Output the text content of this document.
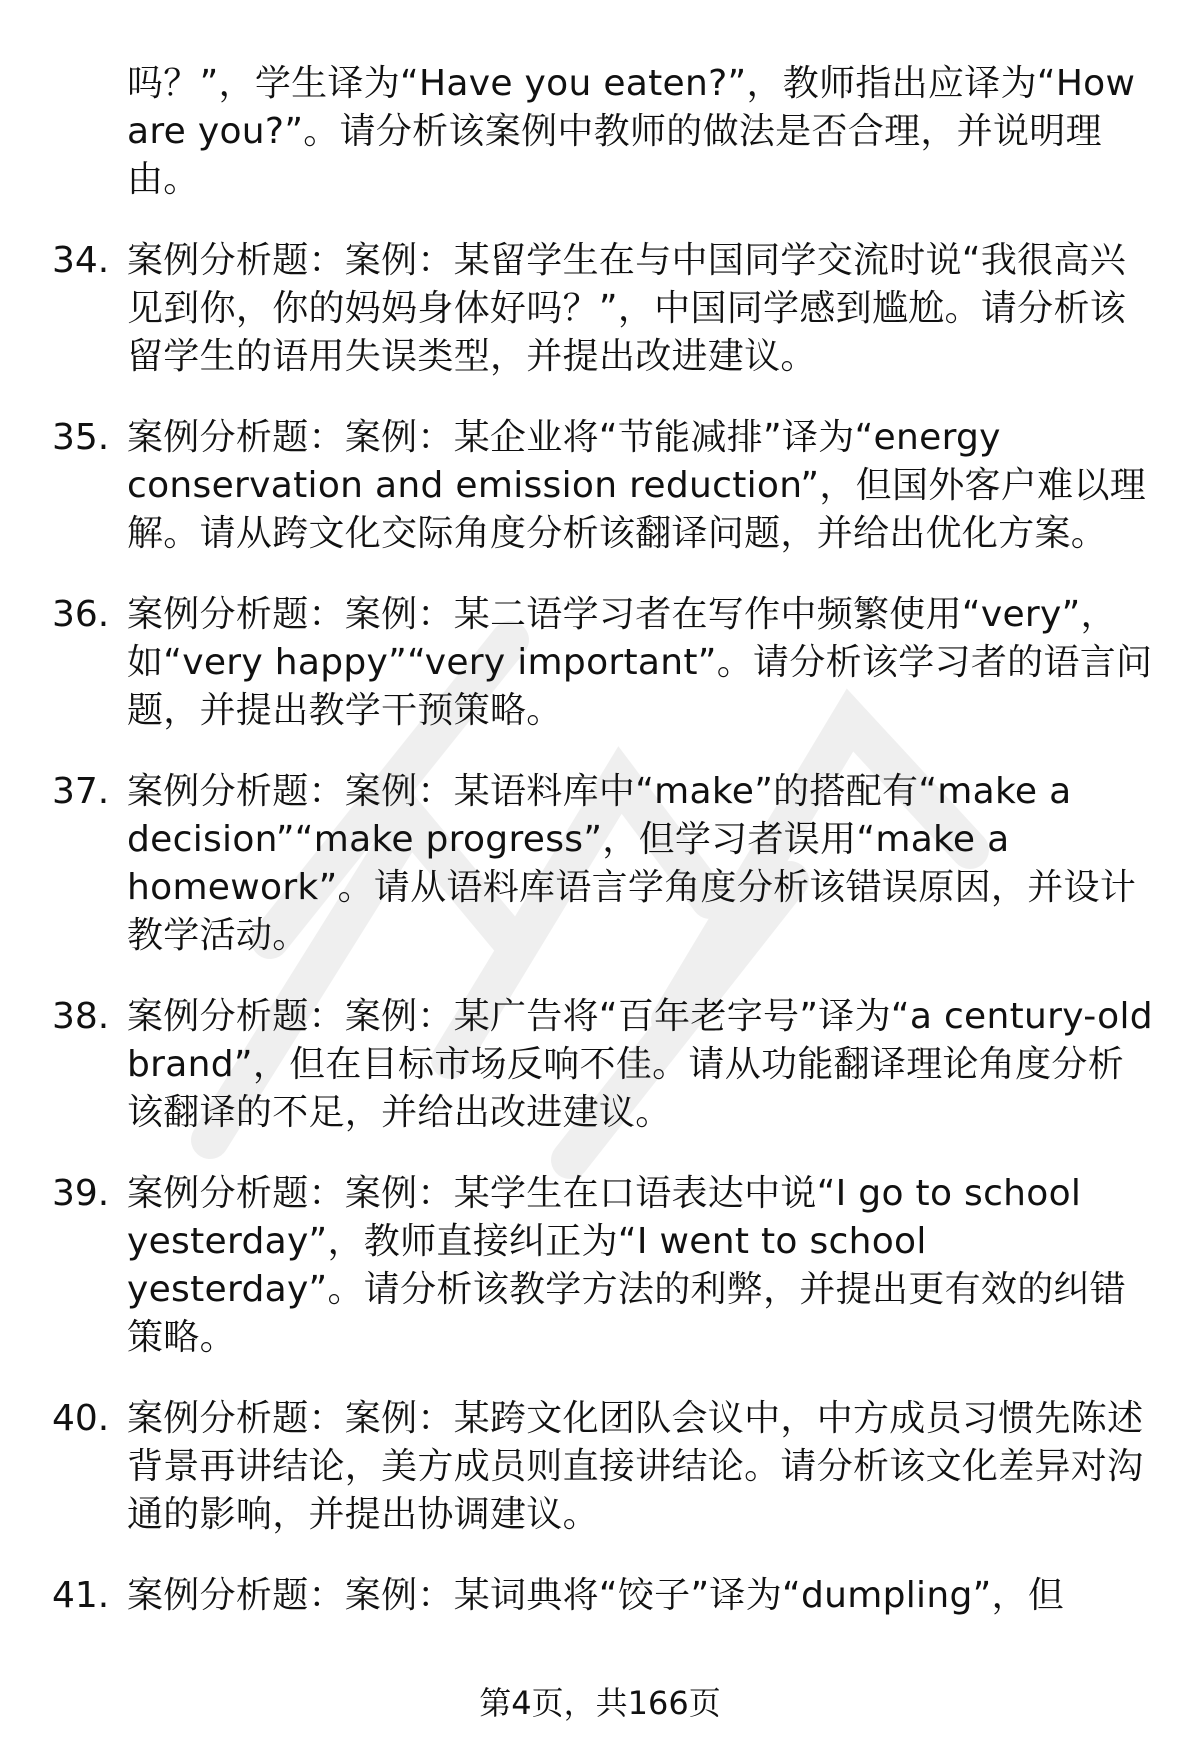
吗？”，学生译为“Have you eaten?”，教师指出应译为“How are you?”。请分析该案例中教师的做法是否合理，并说明理由。
34. 案例分析题：案例：某留学生在与中国同学交流时说“我很高兴见到你，你的妈妈身体好吗？”，中国同学感到尴尬。请分析该留学生的语用失误类型，并提出改进建议。
35. 案例分析题：案例：某企业将“节能减排”译为“energy conservation and emission reduction”，但国外客户难以理解。请从跨文化交际角度分析该翻译问题，并给出优化方案。
36. 案例分析题：案例：某二语学习者在写作中频繁使用“very”，如“very happy”“very important”。请分析该学习者的语言问题，并提出教学干预策略。
37. 案例分析题：案例：某语料库中“make”的搭配有“make a decision”“make progress”，但学习者误用“make a homework”。请从语料库语言学角度分析该错误原因，并设计教学活动。
38. 案例分析题：案例：某广告将“百年老字号”译为“a century-old brand”，但在目标市场反响不佳。请从功能翻译理论角度分析该翻译的不足，并给出改进建议。
39. 案例分析题：案例：某学生在口语表达中说“I go to school yesterday”，教师直接纠正为“I went to school yesterday”。请分析该教学方法的利弊，并提出更有效的纠错策略。
40. 案例分析题：案例：某跨文化团队会议中，中方成员习惯先陈述背景再讲结论，美方成员则直接讲结论。请分析该文化差异对沟通的影响，并提出协调建议。
41. 案例分析题：案例：某词典将“饺子”译为“dumpling”，但
第4页，共166页
